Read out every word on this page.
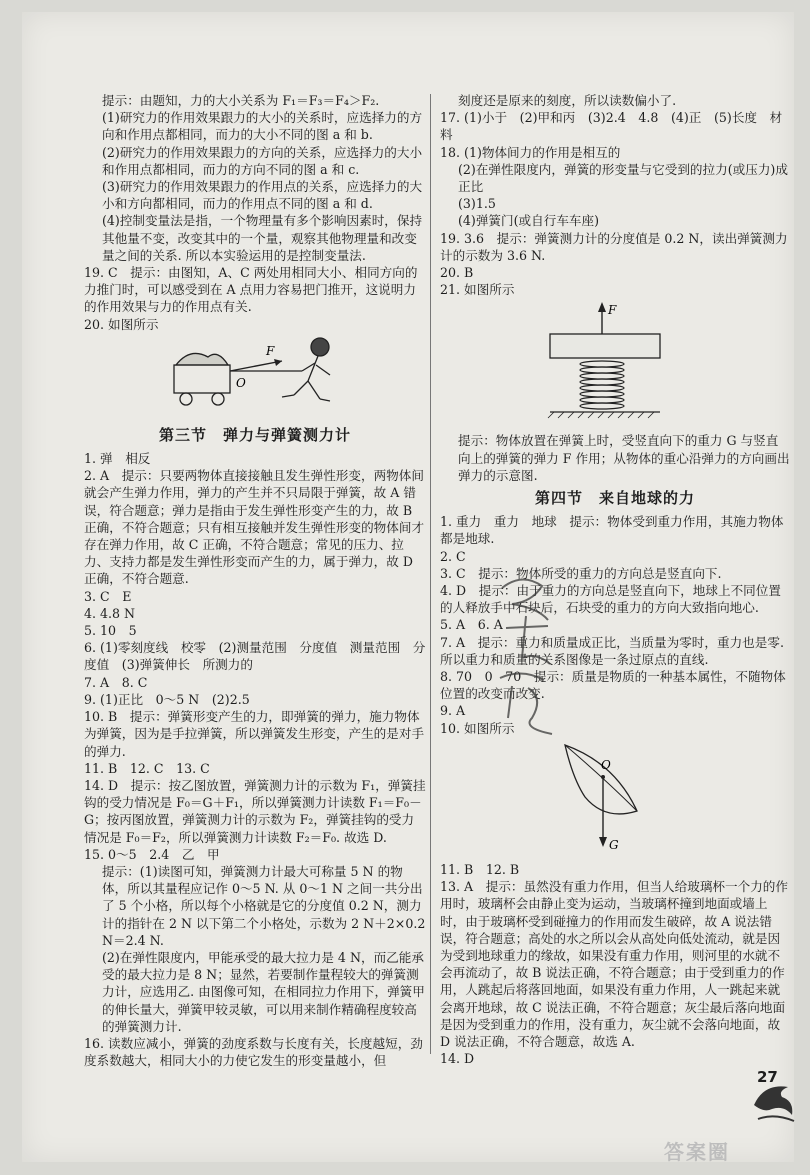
提示：由题知，力的大小关系为 F₁＝F₃＝F₄＞F₂.

(1)研究力的作用效果跟力的大小的关系时，应选择力的方向和作用点都相同，而力的大小不同的图 a 和 b.

(2)研究力的作用效果跟力的方向的关系，应选择力的大小和作用点都相同，而力的方向不同的图 a 和 c.

(3)研究力的作用效果跟力的作用点的关系，应选择力的大小和方向都相同，而力的作用点不同的图 a 和 d.

(4)控制变量法是指，一个物理量有多个影响因素时，保持其他量不变，改变其中的一个量，观察其他物理量和改变量之间的关系. 所以本实验运用的是控制变量法.

19. C　提示：由图知，A、C 两处用相同大小、相同方向的力推门时，可以感受到在 A 点用力容易把门推开，这说明力的作用效果与力的作用点有关.

20. 如图所示

F
O
第三节　弹力与弹簧测力计

1. 弹　相反

2. A　提示：只要两物体直接接触且发生弹性形变，两物体间就会产生弹力作用，弹力的产生并不只局限于弹簧，故 A 错误，符合题意；弹力是指由于发生弹性形变产生的力，故 B 正确，不符合题意；只有相互接触并发生弹性形变的物体间才存在弹力作用，故 C 正确，不符合题意；常见的压力、拉力、支持力都是发生弹性形变而产生的力，属于弹力，故 D 正确，不符合题意.

3. C　E

4. 4.8 N

5. 10　5

6. (1)零刻度线　校零　(2)测量范围　分度值　测量范围　分度值　(3)弹簧伸长　所测力的

7. A　8. C

9. (1)正比　0～5 N　(2)2.5

10. B　提示：弹簧形变产生的力，即弹簧的弹力，施力物体为弹簧，因为是手拉弹簧，所以弹簧发生形变，产生的是对手的弹力.

11. B　12. C　13. C

14. D　提示：按乙图放置，弹簧测力计的示数为 F₁，弹簧挂钩的受力情况是 F₀＝G＋F₁，所以弹簧测力计读数 F₁＝F₀－G；按丙图放置，弹簧测力计的示数为 F₂，弹簧挂钩的受力情况是 F₀＝F₂，所以弹簧测力计读数 F₂＝F₀. 故选 D.

15. 0～5　2.4　乙　甲

提示：(1)读图可知，弹簧测力计最大可称量 5 N 的物体，所以其量程应记作 0～5 N. 从 0～1 N 之间一共分出了 5 个小格，所以每个小格就是它的分度值 0.2 N，测力计的指针在 2 N 以下第二个小格处，示数为 2 N＋2×0.2 N＝2.4 N.

(2)在弹性限度内，甲能承受的最大拉力是 4 N，而乙能承受的最大拉力是 8 N；显然，若要制作量程较大的弹簧测力计，应选用乙. 由图像可知，在相同拉力作用下，弹簧甲的伸长量大，弹簧甲较灵敏，可以用来制作精确程度较高的弹簧测力计.

16. 读数应减小，弹簧的劲度系数与长度有关，长度越短，劲度系数越大，相同大小的力使它发生的形变量越小，但

刻度还是原来的刻度，所以读数偏小了.

17. (1)小于　(2)甲和丙　(3)2.4　4.8　(4)正　(5)长度　材料

18. (1)物体间力的作用是相互的

(2)在弹性限度内，弹簧的形变量与它受到的拉力(或压力)成正比

(3)1.5

(4)弹簧门(或自行车车座)

19. 3.6　提示：弹簧测力计的分度值是 0.2 N，读出弹簧测力计的示数为 3.6 N.

20. B

21. 如图所示

F

提示：物体放置在弹簧上时，受竖直向下的重力 G 与竖直向上的弹簧的弹力 F 作用；从物体的重心沿弹力的方向画出弹力的示意图.

第四节　来自地球的力

1. 重力　重力　地球　提示：物体受到重力作用，其施力物体都是地球.

2. C

3. C　提示：物体所受的重力的方向总是竖直向下.

4. D　提示：由于重力的方向总是竖直向下，地球上不同位置的人释放手中石块后，石块受的重力的方向大致指向地心.

5. A　6. A

7. A　提示：重力和质量成正比，当质量为零时，重力也是零. 所以重力和质量的关系图像是一条过原点的直线.

8. 70　0　70　提示：质量是物质的一种基本属性，不随物体位置的改变而改变.

9. A

10. 如图所示

O
G

11. B　12. B

13. A　提示：虽然没有重力作用，但当人给玻璃杯一个力的作用时，玻璃杯会由静止变为运动，当玻璃杯撞到地面或墙上时，由于玻璃杯受到碰撞力的作用而发生破碎，故 A 说法错误，符合题意；高处的水之所以会从高处向低处流动，就是因为受到地球重力的缘故，如果没有重力作用，则河里的水就不会再流动了，故 B 说法正确，不符合题意；由于受到重力的作用，人跳起后将落回地面，如果没有重力作用，人一跳起来就会离开地球，故 C 说法正确，不符合题意；灰尘最后落向地面是因为受到重力的作用，没有重力，灰尘就不会落向地面，故 D 说法正确，不符合题意，故选 A.

14. D

27
答案圈
